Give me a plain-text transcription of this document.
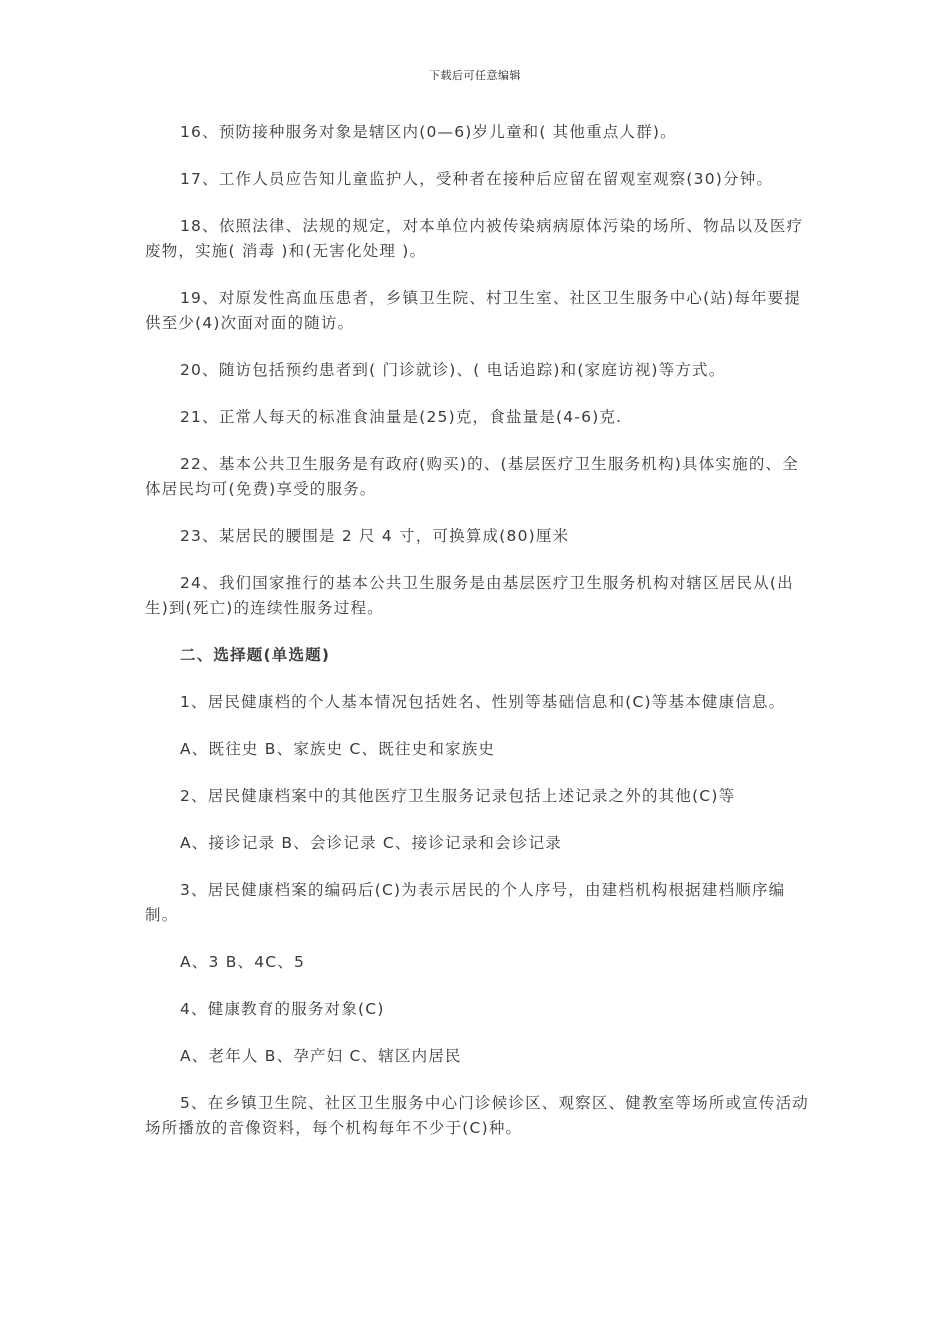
下载后可任意编辑

16、预防接种服务对象是辖区内(0—6)岁儿童和( 其他重点人群)。

17、工作人员应告知儿童监护人，受种者在接种后应留在留观室观察(30)分钟。

18、依照法律、法规的规定，对本单位内被传染病病原体污染的场所、物品以及医疗废物，实施( 消毒 )和(无害化处理 )。

19、对原发性高血压患者，乡镇卫生院、村卫生室、社区卫生服务中心(站)每年要提供至少(4)次面对面的随访。

20、随访包括预约患者到( 门诊就诊)、( 电话追踪)和(家庭访视)等方式。

21、正常人每天的标准食油量是(25)克，食盐量是(4-6)克.

22、基本公共卫生服务是有政府(购买)的、(基层医疗卫生服务机构)具体实施的、全体居民均可(免费)享受的服务。

23、某居民的腰围是 2 尺 4 寸，可换算成(80)厘米

24、我们国家推行的基本公共卫生服务是由基层医疗卫生服务机构对辖区居民从(出生)到(死亡)的连续性服务过程。

二、选择题(单选题)

1、居民健康档的个人基本情况包括姓名、性别等基础信息和(C)等基本健康信息。

A、既往史 B、家族史 C、既往史和家族史

2、居民健康档案中的其他医疗卫生服务记录包括上述记录之外的其他(C)等

A、接诊记录 B、会诊记录 C、接诊记录和会诊记录

3、居民健康档案的编码后(C)为表示居民的个人序号，由建档机构根据建档顺序编制。

A、3 B、4C、5

4、健康教育的服务对象(C)

A、老年人 B、孕产妇 C、辖区内居民

5、在乡镇卫生院、社区卫生服务中心门诊候诊区、观察区、健教室等场所或宣传活动场所播放的音像资料，每个机构每年不少于(C)种。
